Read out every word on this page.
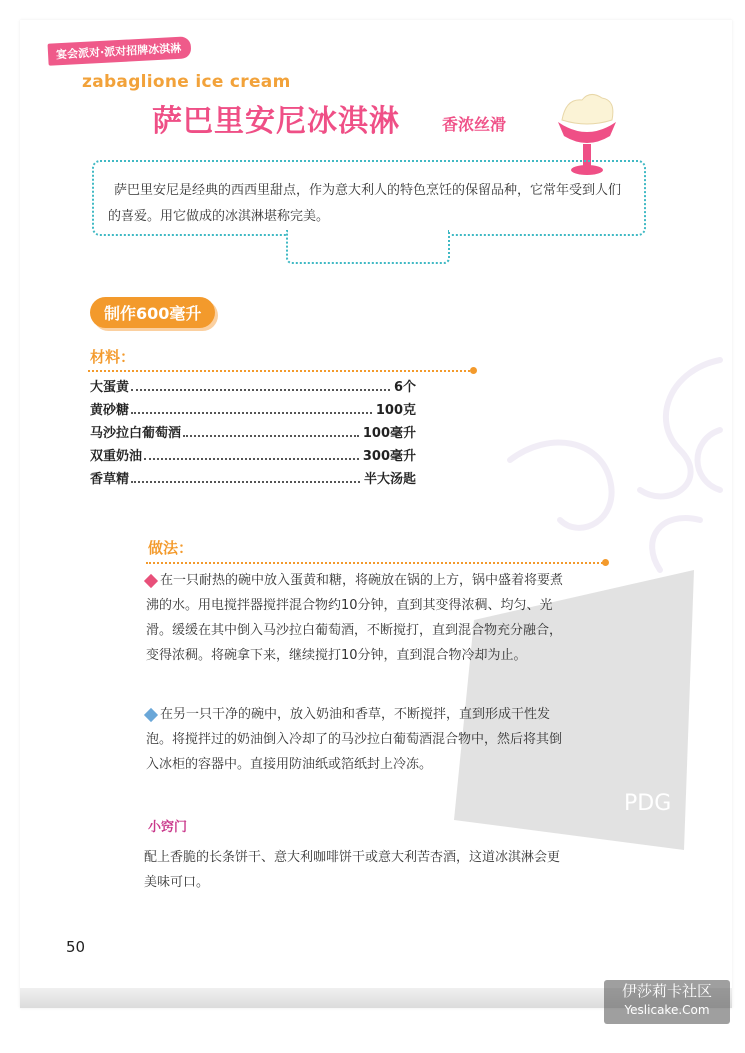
PDG
宴会派对·派对招牌冰淇淋
zabaglione ice cream
萨巴里安尼冰淇淋	香浓丝滑
萨巴里安尼是经典的西西里甜点，作为意大利人的特色烹饪的保留品种，它常年受到人们的喜爱。用它做成的冰淇淋堪称完美。
制作600毫升
材料：
大蛋黄	6个
黄砂糖	100克
马沙拉白葡萄酒	100毫升
双重奶油	300毫升
香草精	半大汤匙
做法：
在一只耐热的碗中放入蛋黄和糖，将碗放在锅的上方，锅中盛着将要煮沸的水。用电搅拌器搅拌混合物约10分钟，直到其变得浓稠、均匀、光滑。缓缓在其中倒入马沙拉白葡萄酒，不断搅打，直到混合物充分融合，变得浓稠。将碗拿下来，继续搅打10分钟，直到混合物冷却为止。
在另一只干净的碗中，放入奶油和香草，不断搅拌，直到形成干性发泡。将搅拌过的奶油倒入冷却了的马沙拉白葡萄酒混合物中，然后将其倒入冰柜的容器中。直接用防油纸或箔纸封上冷冻。
小窍门
配上香脆的长条饼干、意大利咖啡饼干或意大利苦杏酒，这道冰淇淋会更美味可口。
50
伊莎莉卡社区
Yeslicake.Com
